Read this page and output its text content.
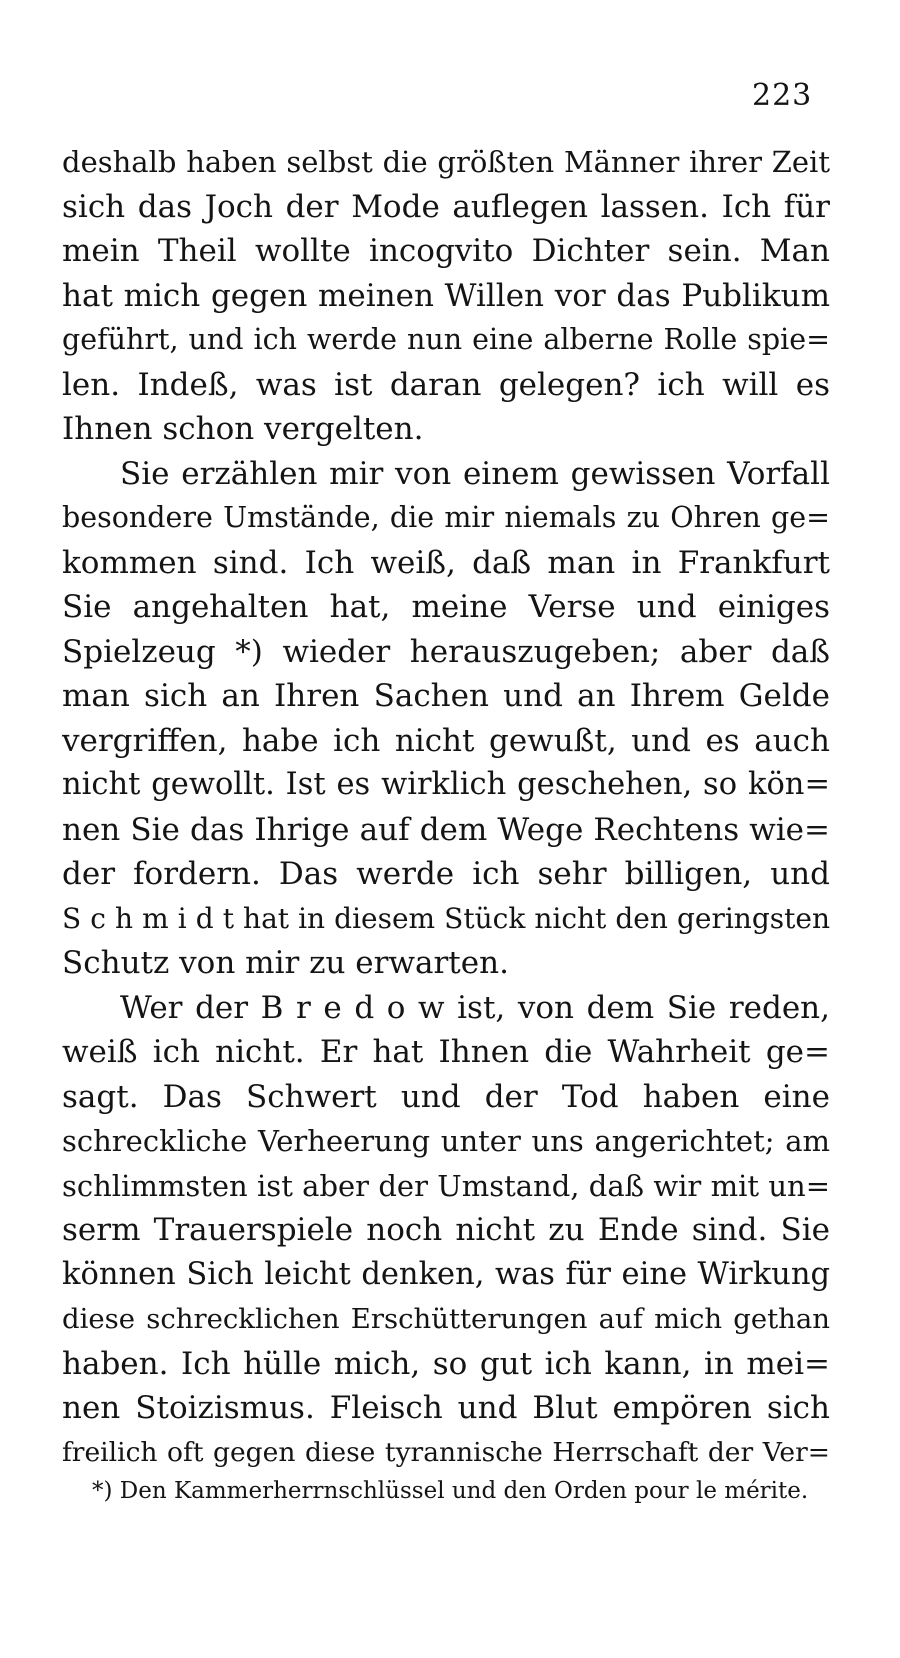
223
deshalb haben selbst die größten Männer ihrer Zeit
sich das Joch der Mode auflegen lassen. Ich für
mein Theil wollte incogvito Dichter sein. Man
hat mich gegen meinen Willen vor das Publikum
geführt, und ich werde nun eine alberne Rolle spie=
len. Indeß, was ist daran gelegen? ich will es
Ihnen schon vergelten.
Sie erzählen mir von einem gewissen Vorfall
besondere Umstände, die mir niemals zu Ohren ge=
kommen sind. Ich weiß, daß man in Frankfurt
Sie angehalten hat, meine Verse und einiges
Spielzeug *) wieder herauszugeben; aber daß
man sich an Ihren Sachen und an Ihrem Gelde
vergriffen, habe ich nicht gewußt, und es auch
nicht gewollt. Ist es wirklich geschehen, so kön=
nen Sie das Ihrige auf dem Wege Rechtens wie=
der fordern. Das werde ich sehr billigen, und
S c h m i d t hat in diesem Stück nicht den geringsten
Schutz von mir zu erwarten.
Wer der B r e d o w ist, von dem Sie reden,
weiß ich nicht. Er hat Ihnen die Wahrheit ge=
sagt. Das Schwert und der Tod haben eine
schreckliche Verheerung unter uns angerichtet; am
schlimmsten ist aber der Umstand, daß wir mit un=
serm Trauerspiele noch nicht zu Ende sind. Sie
können Sich leicht denken, was für eine Wirkung
diese schrecklichen Erschütterungen auf mich gethan
haben. Ich hülle mich, so gut ich kann, in mei=
nen Stoizismus. Fleisch und Blut empören sich
freilich oft gegen diese tyrannische Herrschaft der Ver=
*) Den Kammerherrnschlüssel und den Orden pour le mérite.
